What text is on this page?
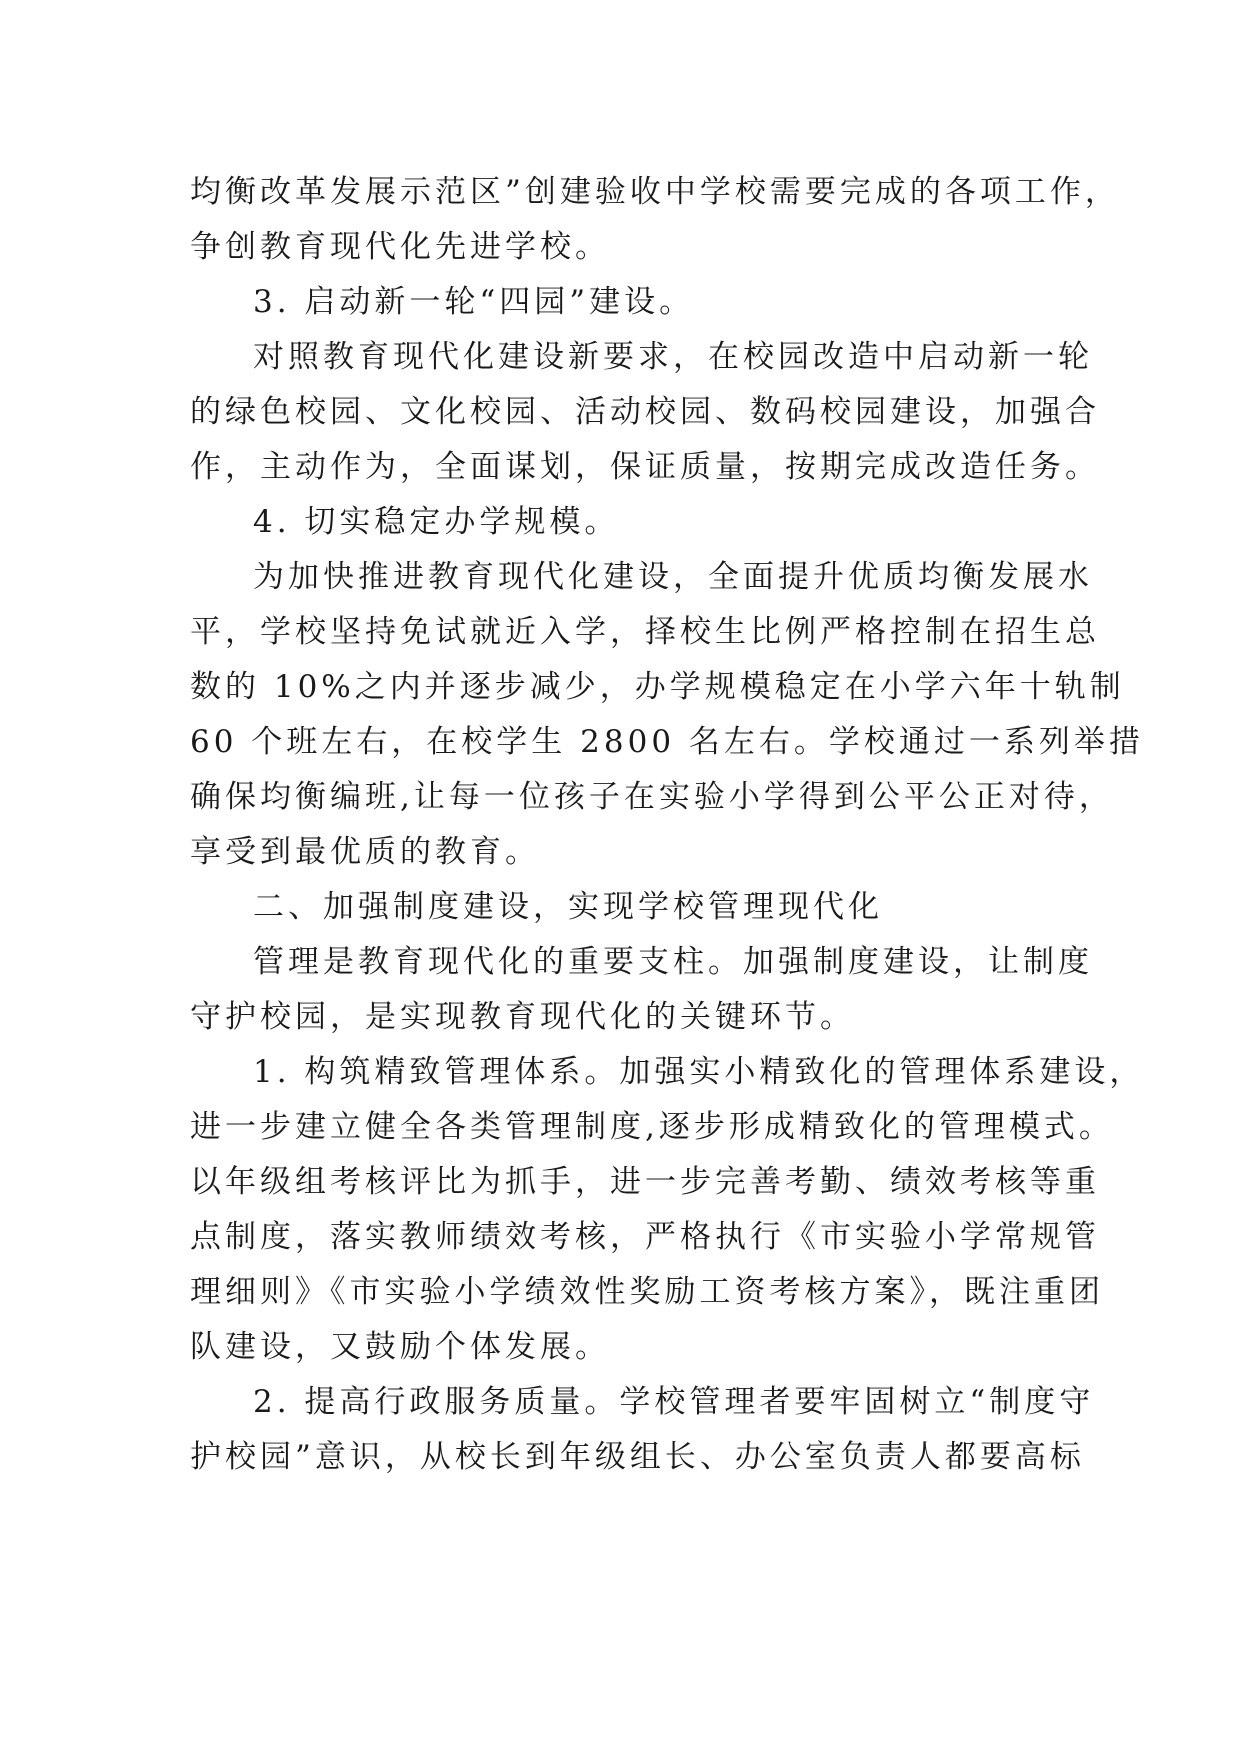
均衡改革发展示范区”创建验收中学校需要完成的各项工作，
争创教育现代化先进学校。
3. 启动新一轮“四园”建设。
对照教育现代化建设新要求，在校园改造中启动新一轮
的绿色校园、文化校园、活动校园、数码校园建设，加强合
作，主动作为，全面谋划，保证质量，按期完成改造任务。
4. 切实稳定办学规模。
为加快推进教育现代化建设，全面提升优质均衡发展水
平，学校坚持免试就近入学，择校生比例严格控制在招生总
数的 10%之内并逐步减少，办学规模稳定在小学六年十轨制
60 个班左右，在校学生 2800 名左右。学校通过一系列举措
确保均衡编班,让每一位孩子在实验小学得到公平公正对待，
享受到最优质的教育。
二、加强制度建设，实现学校管理现代化
管理是教育现代化的重要支柱。加强制度建设，让制度
守护校园，是实现教育现代化的关键环节。
1. 构筑精致管理体系。加强实小精致化的管理体系建设，
进一步建立健全各类管理制度,逐步形成精致化的管理模式。
以年级组考核评比为抓手，进一步完善考勤、绩效考核等重
点制度，落实教师绩效考核，严格执行《市实验小学常规管
理细则》《市实验小学绩效性奖励工资考核方案》，既注重团
队建设，又鼓励个体发展。
2. 提高行政服务质量。学校管理者要牢固树立“制度守
护校园”意识，从校长到年级组长、办公室负责人都要高标
